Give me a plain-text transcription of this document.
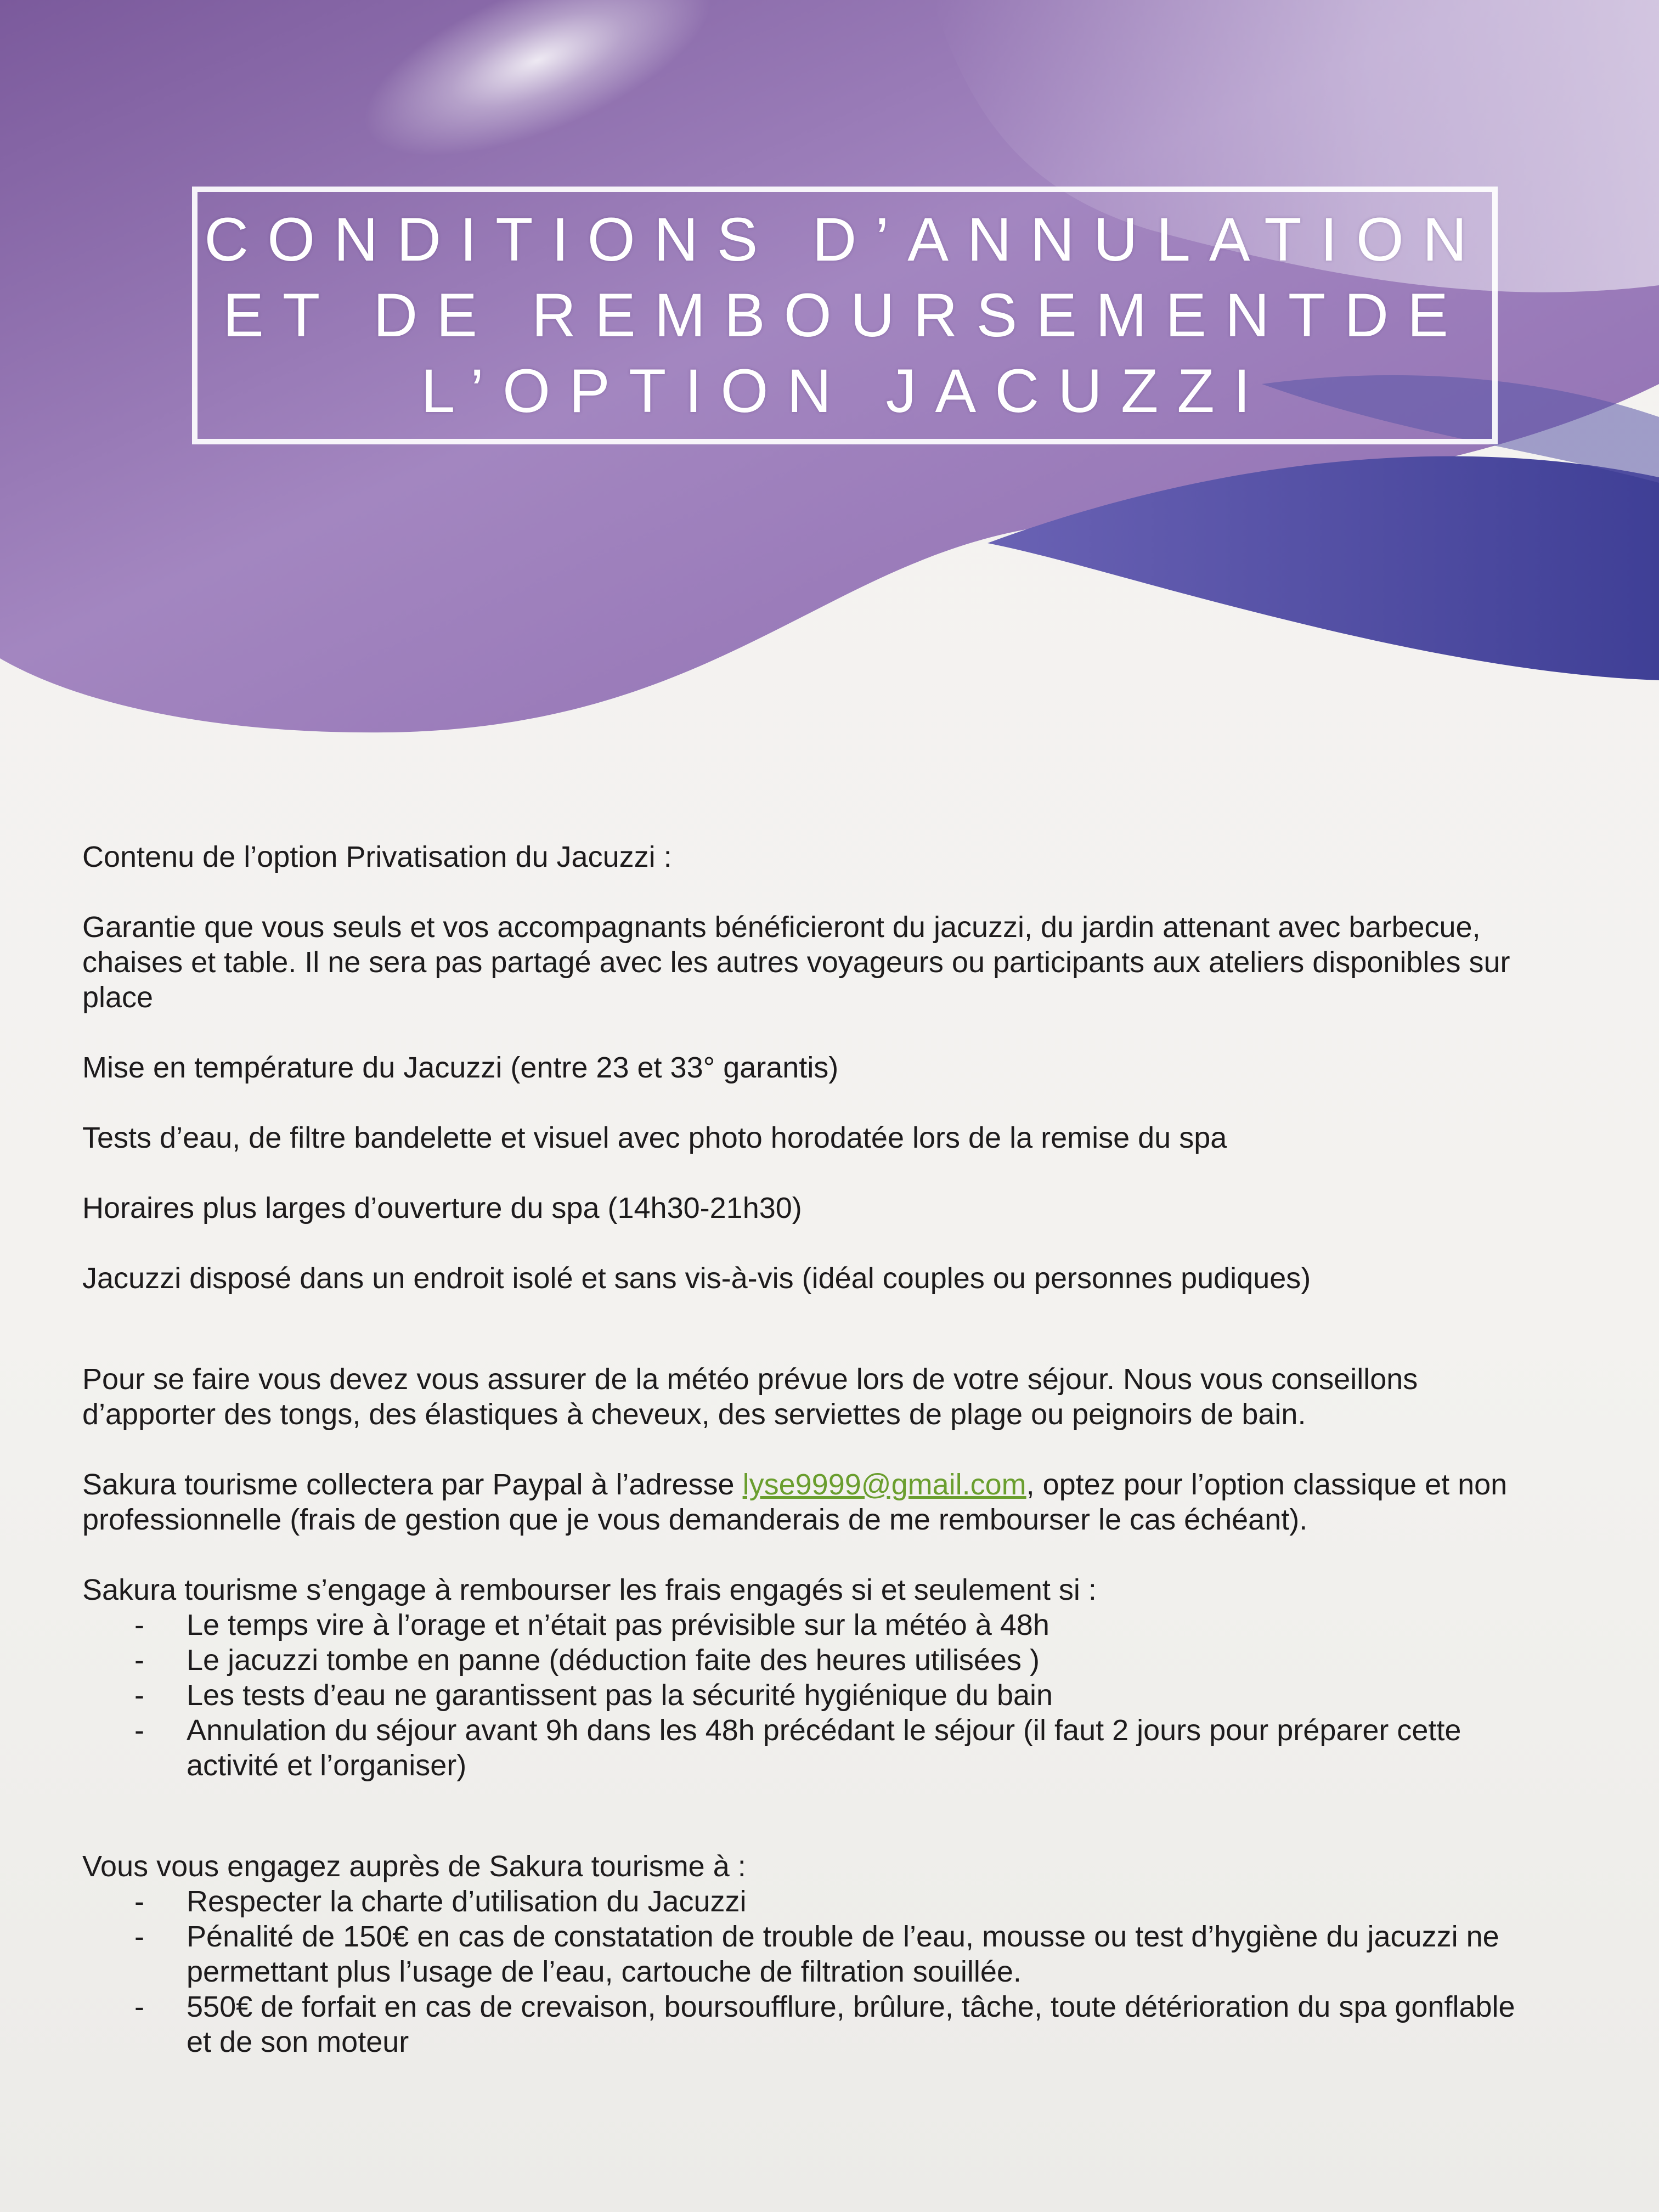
CONDITIONS D’ANNULATION
ET DE REMBOURSEMENTDE
L’OPTION JACUZZI

Contenu de l’option Privatisation du Jacuzzi :

Garantie que vous seuls et vos accompagnants bénéficieront du jacuzzi, du jardin attenant avec barbecue, chaises et table. Il ne sera pas partagé avec les autres voyageurs ou participants aux ateliers disponibles sur place

Mise en température du Jacuzzi (entre 23 et 33° garantis)

Tests d’eau, de filtre bandelette et visuel avec photo horodatée lors de la remise du spa

Horaires plus larges d’ouverture du spa (14h30-21h30)

Jacuzzi disposé dans un endroit isolé et sans vis-à-vis (idéal couples ou personnes pudiques)

Pour se faire vous devez vous assurer de la météo prévue lors de votre séjour. Nous vous conseillons d’apporter des tongs, des élastiques à cheveux, des serviettes de plage ou peignoirs de bain.

Sakura tourisme collectera par Paypal à l’adresse lyse9999@gmail.com, optez pour l’option classique et non professionnelle (frais de gestion que je vous demanderais de me rembourser le cas échéant).

Sakura tourisme s’engage à rembourser les frais engagés si et seulement si :

- Le temps vire à l’orage et n’était pas prévisible sur la météo à 48h
- Le jacuzzi tombe en panne (déduction faite des heures utilisées )
- Les tests d’eau ne garantissent pas la sécurité hygiénique du bain
- Annulation du séjour avant 9h dans les 48h précédant le séjour (il faut 2 jours pour préparer cette activité et l’organiser)

Vous vous engagez auprès de Sakura tourisme à :

- Respecter la charte d’utilisation du Jacuzzi
- Pénalité de 150€ en cas de constatation de trouble de l’eau, mousse ou test d’hygiène du jacuzzi ne permettant plus l’usage de l’eau, cartouche de filtration souillée.
- 550€ de forfait en cas de crevaison, boursoufflure, brûlure, tâche, toute détérioration du spa gonflable et de son moteur
